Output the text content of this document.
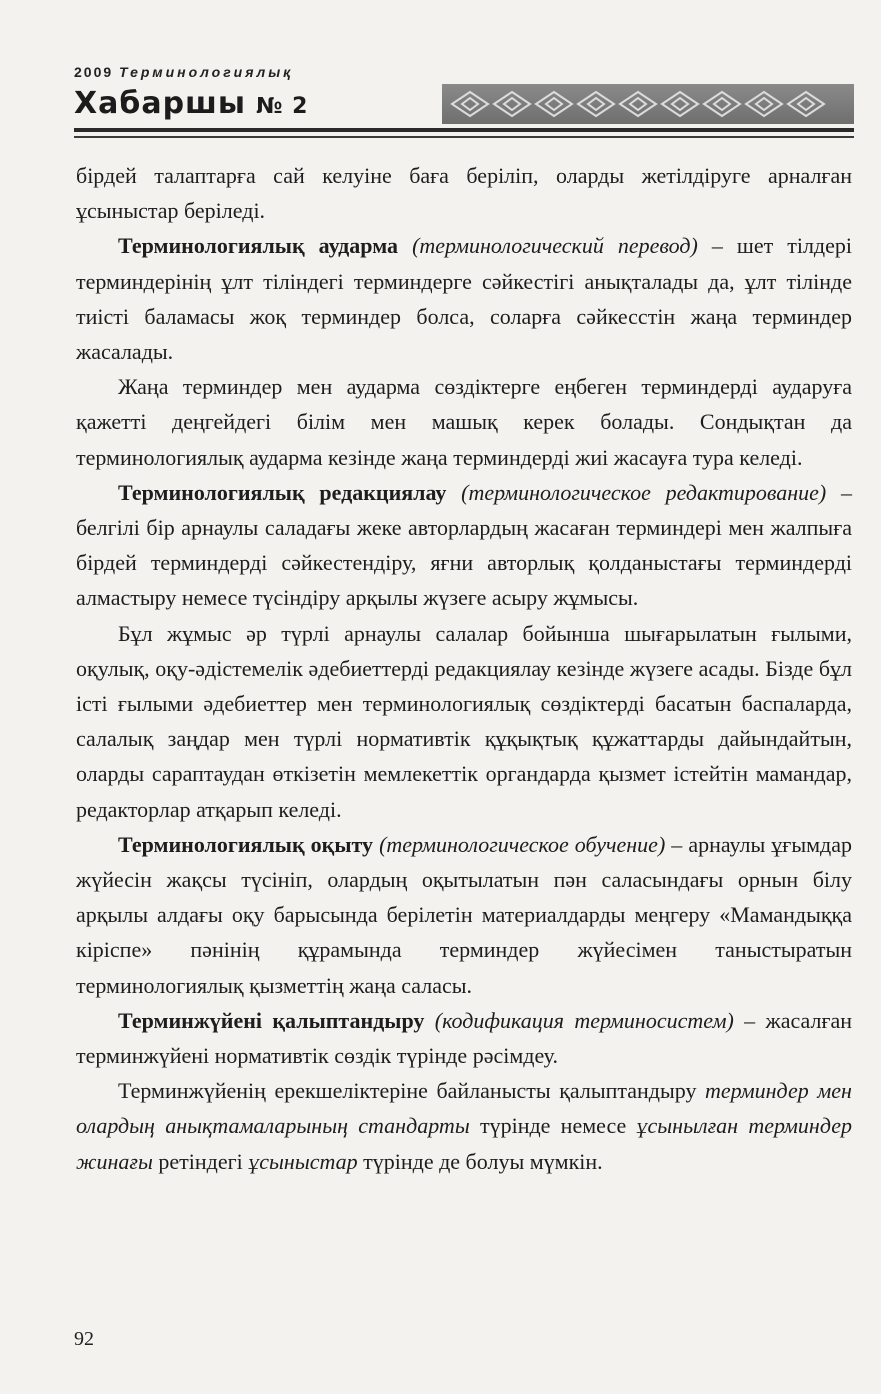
2009 Терминологиялық
Хабаршы № 2

бірдей талаптарға сай келуіне баға беріліп, оларды жетілдіруге арналған ұсыныстар беріледі.

Терминологиялық аударма (терминологический перевод) – шет тілдері терминдерінің ұлт тіліндегі терминдерге сәйкестігі анықталады да, ұлт тілінде тиісті баламасы жоқ терминдер болса, соларға сәйкесстін жаңа терминдер жасалады.

Жаңа терминдер мен аударма сөздіктерге еңбеген терминдерді аударуға қажетті деңгейдегі білім мен машық керек болады. Сондықтан да терминологиялық аударма кезінде жаңа терминдерді жиі жасауға тура келеді.

Терминологиялық редакциялау (терминологическое редактирование) – белгілі бір арнаулы саладағы жеке авторлардың жасаған терминдері мен жалпыға бірдей терминдерді сәйкестендіру, яғни авторлық қолданыстағы терминдерді алмастыру немесе түсіндіру арқылы жүзеге асыру жұмысы.

Бұл жұмыс әр түрлі арнаулы салалар бойынша шығарылатын ғылыми, оқулық, оқу-әдістемелік әдебиеттерді редакциялау кезінде жүзеге асады. Бізде бұл істі ғылыми әдебиеттер мен терминологиялық сөздіктерді басатын баспаларда, салалық заңдар мен түрлі нормативтік құқықтық құжаттарды дайындайтын, оларды сараптаудан өткізетін мемлекеттік органдарда қызмет істейтін мамандар, редакторлар атқарып келеді.

Терминологиялық оқыту (терминологическое обучение) – арнаулы ұғымдар жүйесін жақсы түсініп, олардың оқытылатын пән саласындағы орнын білу арқылы алдағы оқу барысында берілетін материалдарды меңгеру «Мамандыққа кіріспе» пәнінің құрамында терминдер жүйесімен таныстыратын терминологиялық қызметтің жаңа саласы.

Терминжүйені қалыптандыру (кодификация терминосистем) – жасалған терминжүйені нормативтік сөздік түрінде рәсімдеу.

Терминжүйенің ерекшеліктеріне байланысты қалыптандыру терминдер мен олардың анықтамаларының стандарты түрінде немесе ұсынылған терминдер жинағы ретіндегі ұсыныстар түрінде де болуы мүмкін.

92
